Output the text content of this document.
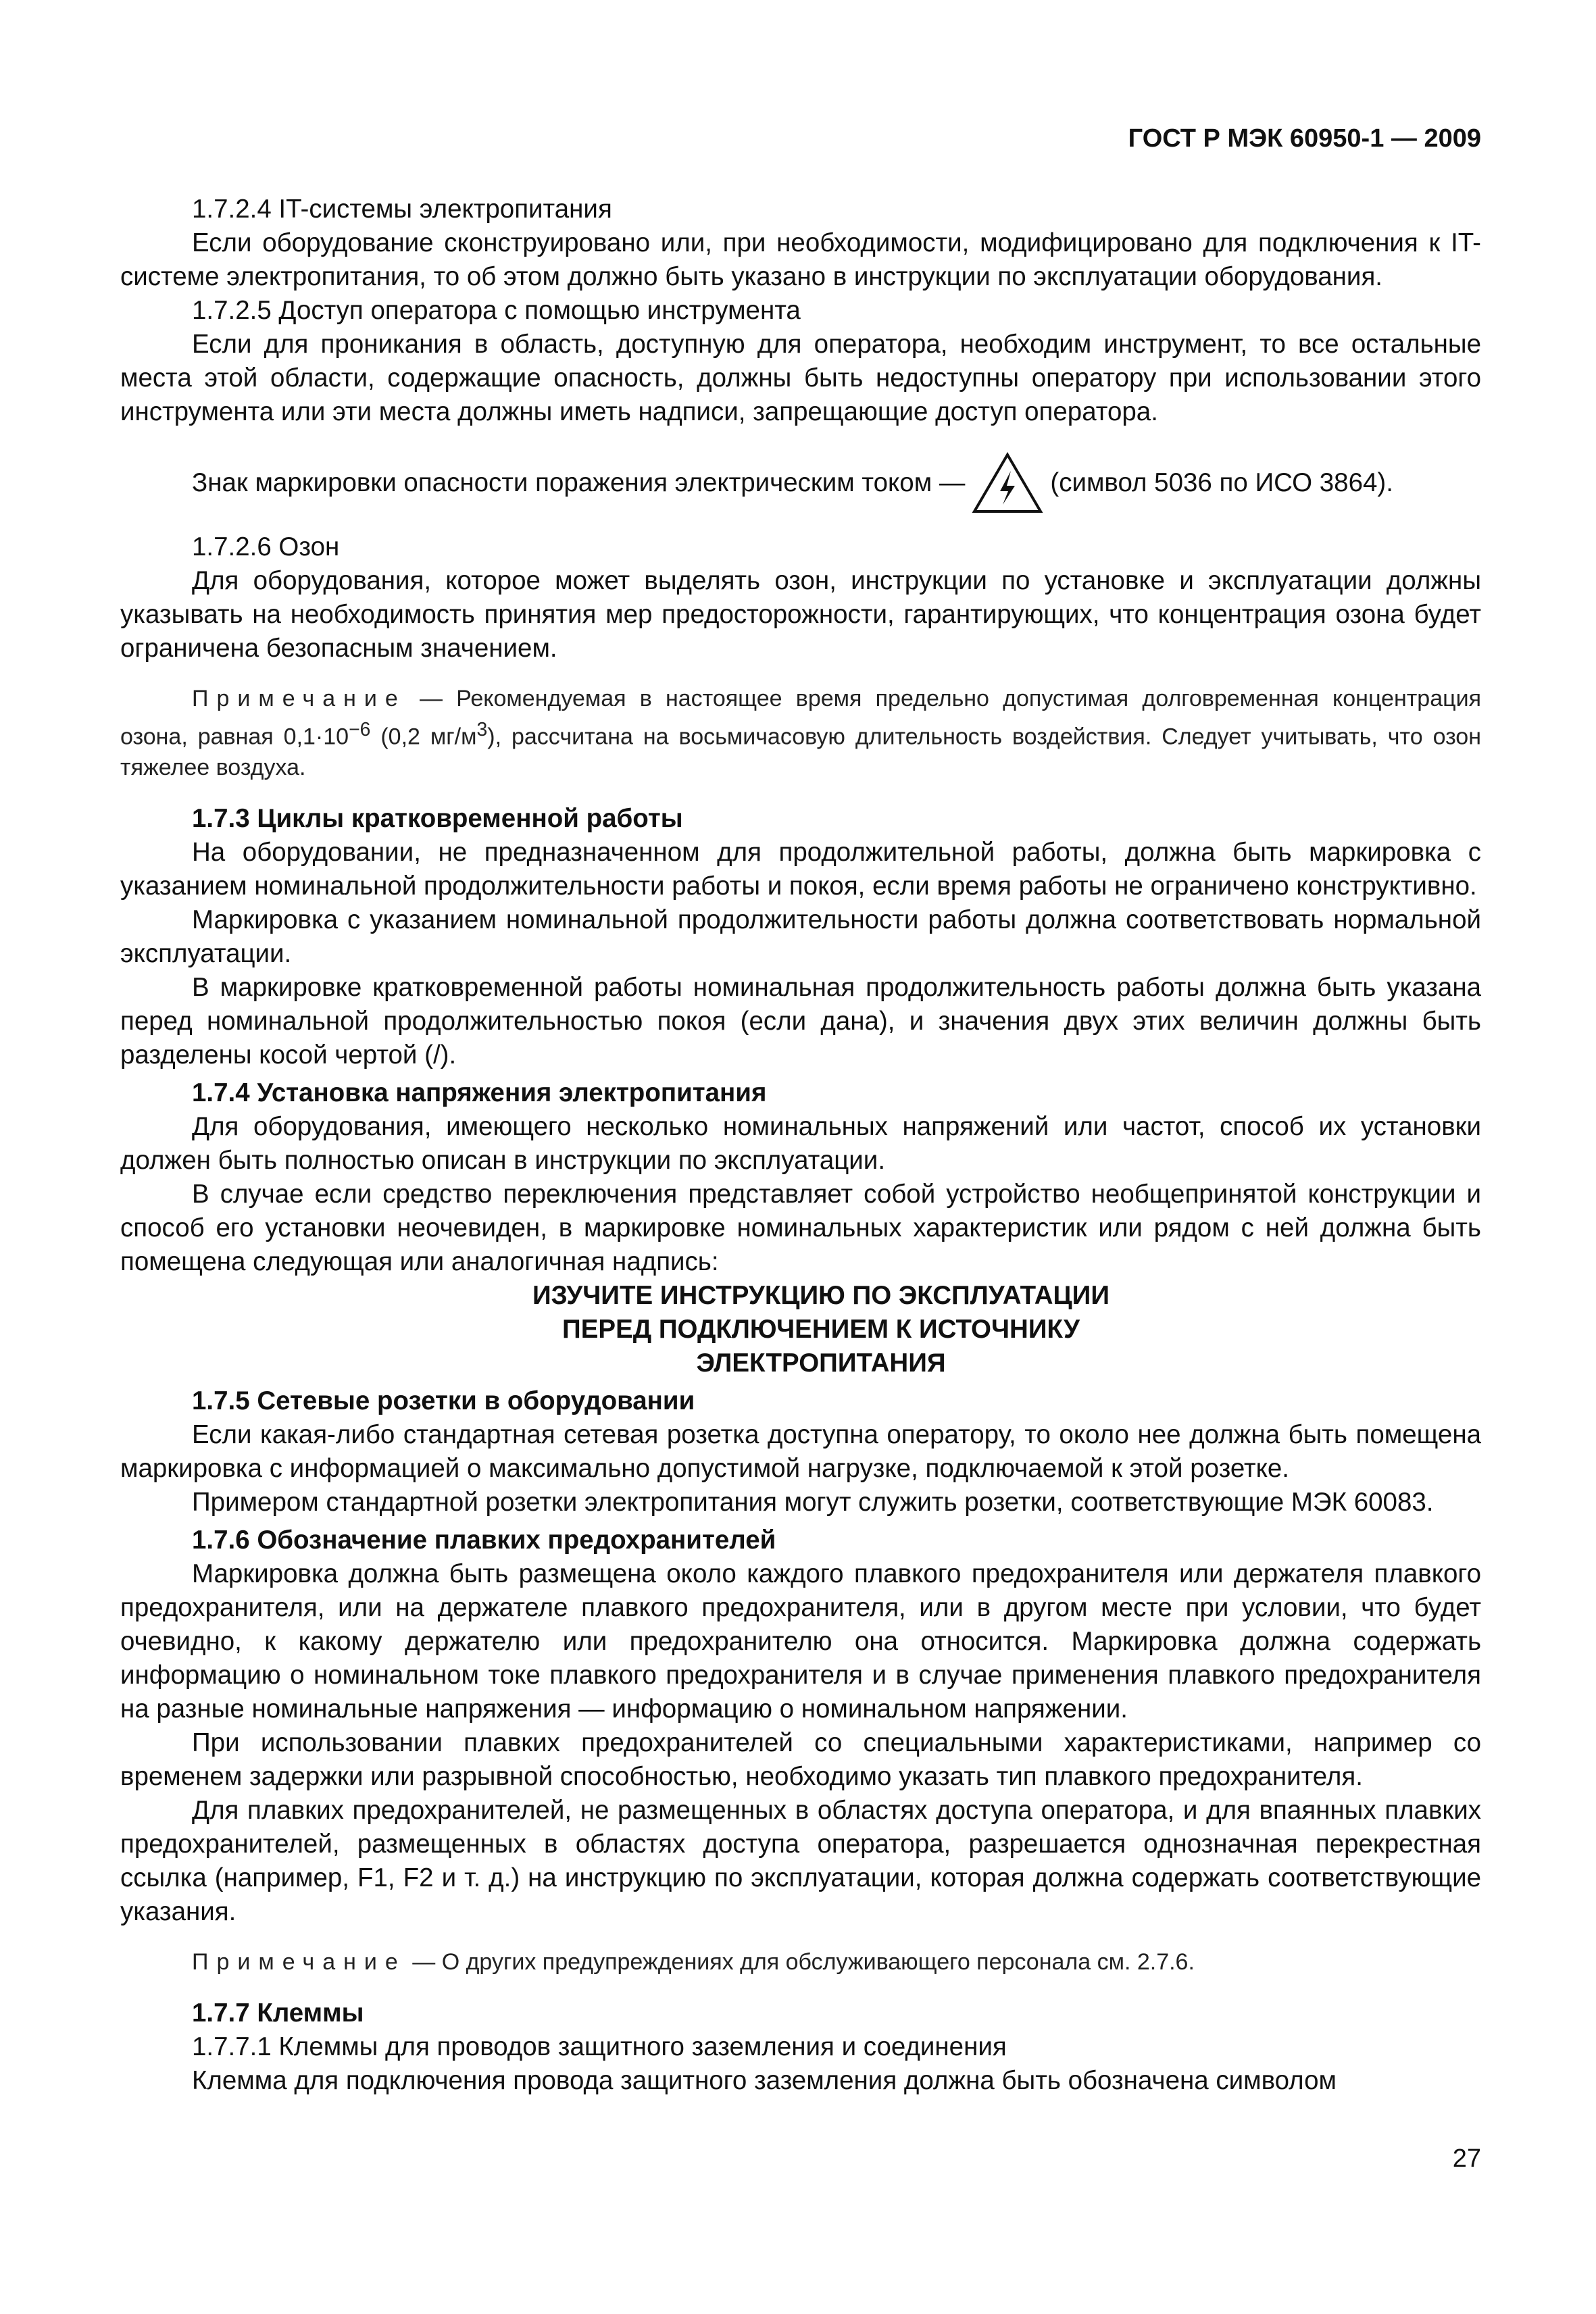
ГОСТ Р МЭК 60950-1 — 2009

1.7.2.4 IT-системы электропитания

Если оборудование сконструировано или, при необходимости, модифицировано для подключения к IT-системе электропитания, то об этом должно быть указано в инструкции по эксплуатации оборудования.

1.7.2.5 Доступ оператора с помощью инструмента

Если для проникания в область, доступную для оператора, необходим инструмент, то все остальные места этой области, содержащие опасность, должны быть недоступны оператору при использовании этого инструмента или эти места должны иметь надписи, запрещающие доступ оператора.

Знак маркировки опасности поражения электрическим током —	(символ 5036 по ИСО 3864).

1.7.2.6 Озон

Для оборудования, которое может выделять озон, инструкции по установке и эксплуатации должны указывать на необходимость принятия мер предосторожности, гарантирующих, что концентрация озона будет ограничена безопасным значением.

Примечание — Рекомендуемая в настоящее время предельно допустимая долговременная концентрация озона, равная $0,1\cdot 10^{-6}$ (0,2 $мг/м^3$), рассчитана на восьмичасовую длительность воздействия. Следует учитывать, что озон тяжелее воздуха.

1.7.3 Циклы кратковременной работы

На оборудовании, не предназначенном для продолжительной работы, должна быть маркировка с указанием номинальной продолжительности работы и покоя, если время работы не ограничено конструктивно.

Маркировка с указанием номинальной продолжительности работы должна соответствовать нормальной эксплуатации.

В маркировке кратковременной работы номинальная продолжительность работы должна быть указана перед номинальной продолжительностью покоя (если дана), и значения двух этих величин должны быть разделены косой чертой (/).

1.7.4 Установка напряжения электропитания

Для оборудования, имеющего несколько номинальных напряжений или частот, способ их установки должен быть полностью описан в инструкции по эксплуатации.

В случае если средство переключения представляет собой устройство необщепринятой конструкции и способ его установки неочевиден, в маркировке номинальных характеристик или рядом с ней должна быть помещена следующая или аналогичная надпись:

ИЗУЧИТЕ ИНСТРУКЦИЮ ПО ЭКСПЛУАТАЦИИ

ПЕРЕД ПОДКЛЮЧЕНИЕМ К ИСТОЧНИКУ

ЭЛЕКТРОПИТАНИЯ

1.7.5 Сетевые розетки в оборудовании

Если какая-либо стандартная сетевая розетка доступна оператору, то около нее должна быть помещена маркировка с информацией о максимально допустимой нагрузке, подключаемой к этой розетке.

Примером стандартной розетки электропитания могут служить розетки, соответствующие МЭК 60083.

1.7.6 Обозначение плавких предохранителей

Маркировка должна быть размещена около каждого плавкого предохранителя или держателя плавкого предохранителя, или на держателе плавкого предохранителя, или в другом месте при условии, что будет очевидно, к какому держателю или предохранителю она относится. Маркировка должна содержать информацию о номинальном токе плавкого предохранителя и в случае применения плавкого предохранителя на разные номинальные напряжения — информацию о номинальном напряжении.

При использовании плавких предохранителей со специальными характеристиками, например со временем задержки или разрывной способностью, необходимо указать тип плавкого предохранителя.

Для плавких предохранителей, не размещенных в областях доступа оператора, и для впаянных плавких предохранителей, размещенных в областях доступа оператора, разрешается однозначная перекрестная ссылка (например, F1, F2 и т. д.) на инструкцию по эксплуатации, которая должна содержать соответствующие указания.

Примечание — О других предупреждениях для обслуживающего персонала см. 2.7.6.

1.7.7 Клеммы

1.7.7.1 Клеммы для проводов защитного заземления и соединения

Клемма для подключения провода защитного заземления должна быть обозначена символом

27
